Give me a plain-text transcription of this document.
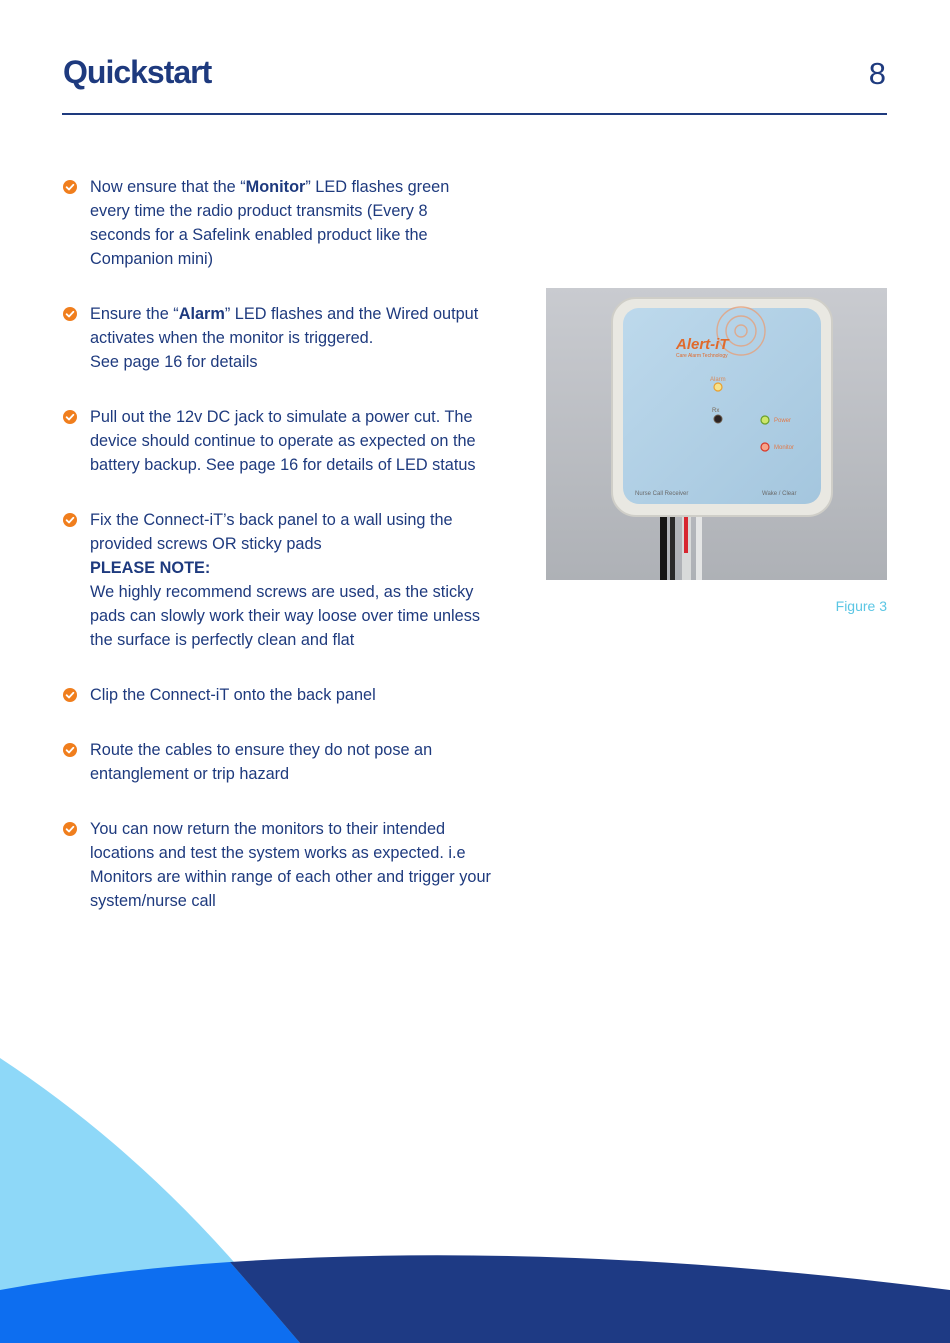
Quickstart	8

Now ensure that the “Monitor” LED flashes green every time the radio product transmits (Every 8 seconds for a Safelink enabled product like the Companion mini)

Ensure the “Alarm” LED flashes and the Wired output activates when the monitor is triggered.

See page 16 for details

Pull out the 12v DC jack to simulate a power cut. The device should continue to operate as expected on the battery backup. See page 16 for details of LED status

Fix the Connect-iT’s back panel to a wall using the provided screws OR sticky pads

PLEASE NOTE:

We highly recommend screws are used, as the sticky pads can slowly work their way loose over time unless the surface is perfectly clean and flat

Clip the Connect-iT onto the back panel

Route the cables to ensure they do not pose an entanglement or trip hazard

You can now return the monitors to their intended locations and test the system works as expected. i.e Monitors are within range of each other and trigger your system/nurse call

Alert-iT
Care Alarm Technology
Alarm
Rx
Power
Monitor
Nurse Call Receiver	Wake / Clear
Figure 3
